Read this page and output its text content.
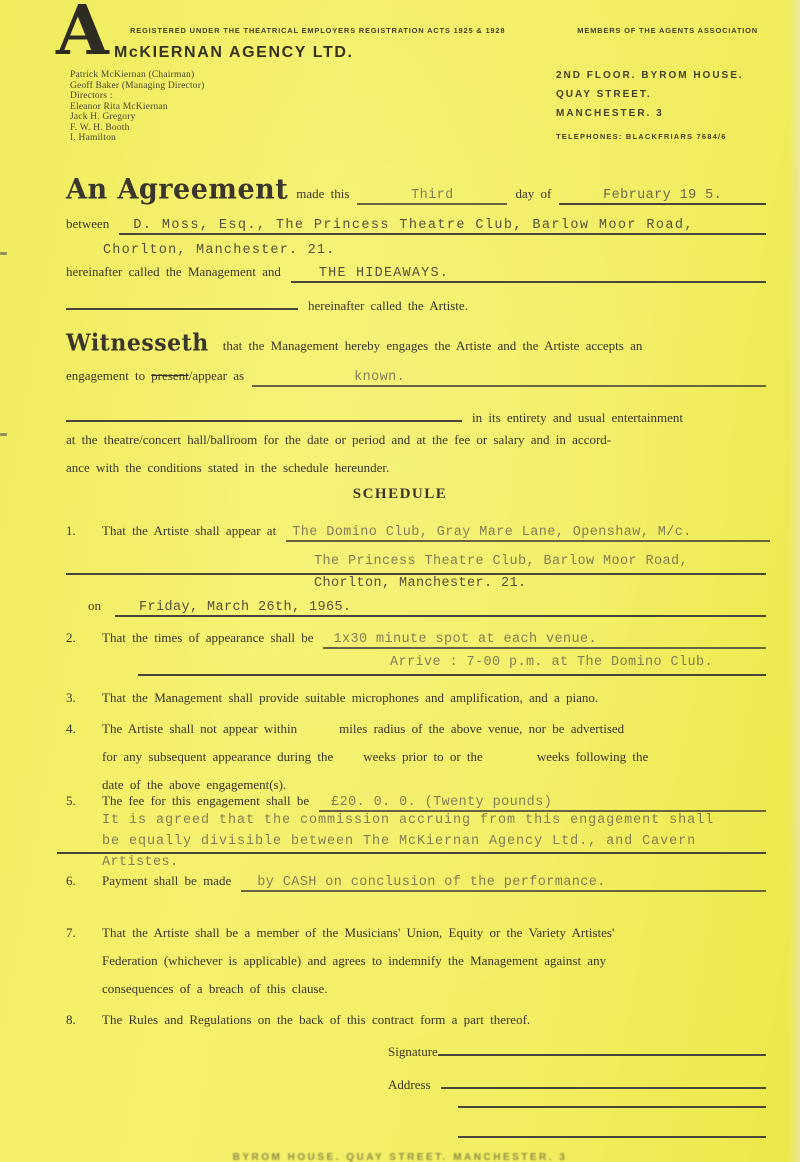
A	REGISTERED UNDER THE THEATRICAL EMPLOYERS REGISTRATION ACTS 1925 & 1928	MEMBERS OF THE AGENTS ASSOCIATION
McKIERNAN AGENCY LTD.
Patrick McKiernan (Chairman)
Geoff Baker (Managing Director)
Directors :
Eleanor Rita McKiernan
Jack H. Gregory
F. W. H. Booth
I. Hamilton
2ND FLOOR. BYROM HOUSE.
QUAY STREET.
MANCHESTER. 3
TELEPHONES: BLACKFRIARS 7684/6
An Agreement made this	Third	day of	February 19 5.
between	D. Moss, Esq., The Princess Theatre Club, Barlow Moor Road,
Chorlton, Manchester. 21.
hereinafter called the Management and	THE HIDEAWAYS.
hereinafter called the Artiste.
Witnesseth that the Management hereby engages the Artiste and the Artiste accepts an
engagement to present /appear as	known.
in its entirety and usual entertainment
at the theatre/concert hall/ballroom for the date or period and at the fee or salary and in accord-
ance with the conditions stated in the schedule hereunder.
SCHEDULE
1.	That the Artiste shall appear at	The Domino Club, Gray Mare Lane, Openshaw, M/c.
The Princess Theatre Club, Barlow Moor Road,
Chorlton, Manchester. 21.
on	Friday, March 26th, 1965.
2.	That the times of appearance shall be	1x30 minute spot at each venue.
Arrive : 7-00 p.m. at The Domino Club.
3.	That the Management shall provide suitable microphones and amplification, and a piano.
4.	The Artiste shall not appear within	miles radius of the above venue, nor be advertised
for any subsequent appearance during the weeks prior to or the	weeks following the
date of the above engagement(s).
5.	The fee for this engagement shall be	£20. 0. 0. (Twenty pounds)
It is agreed that the commission accruing from this engagement shall
be equally divisible between The McKiernan Agency Ltd., and Cavern
Artistes.
6.	Payment shall be made	by CASH on conclusion of the performance.
7.	That the Artiste shall be a member of the Musicians' Union, Equity or the Variety Artistes'
Federation (whichever is applicable) and agrees to indemnify the Management against any
consequences of a breach of this clause.
8.	The Rules and Regulations on the back of this contract form a part thereof.
Signature
Address
BYROM HOUSE. QUAY STREET. MANCHESTER. 3
